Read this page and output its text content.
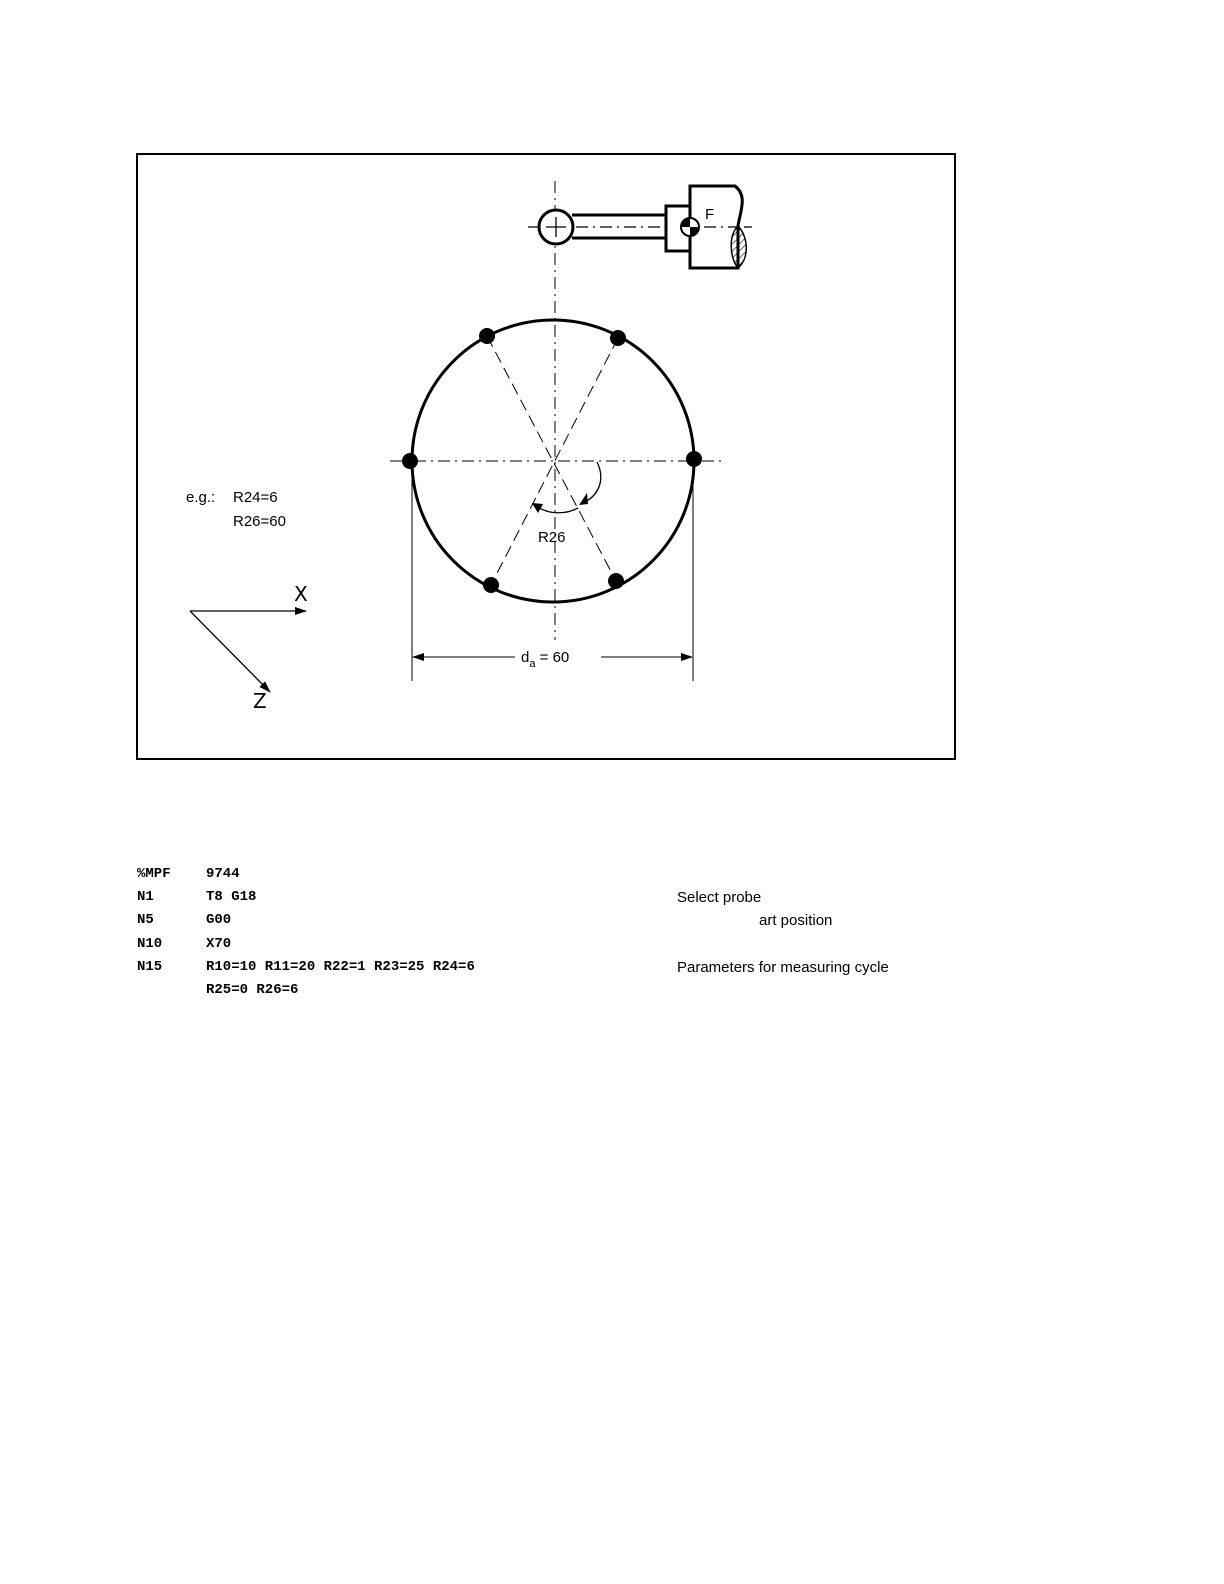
F
R26
e.g.: R24=6
R26=60
$d_a = 60$
X
Z
%MPF	9744
N1	T8 G18	Select probe
N5	G00	art position
N10	X70
N15	R10=10 R11=20 R22=1 R23=25 R24=6	Parameters for measuring cycle
R25=0 R26=6
